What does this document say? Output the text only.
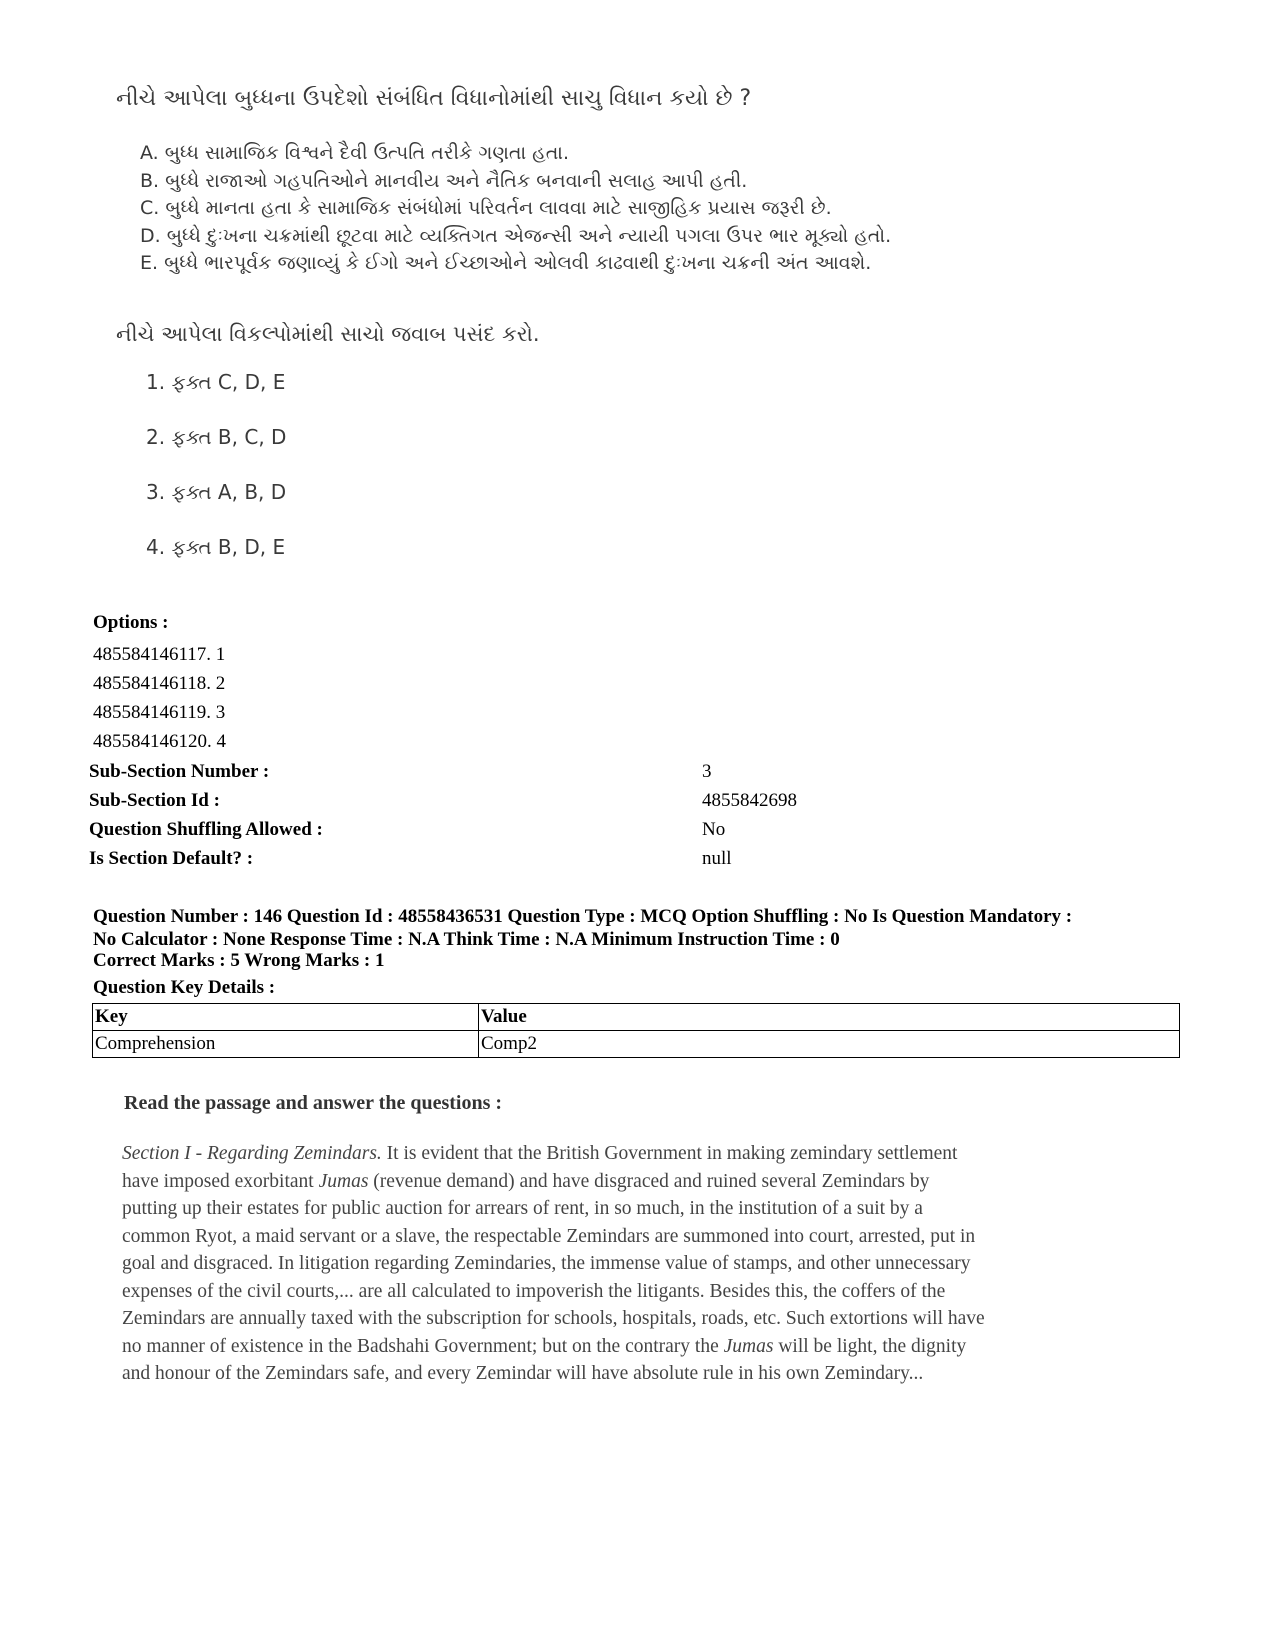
નીચે આપેલા બુધ્ધના ઉપદેશો સંબંધિત વિધાનોમાંથી સાચુ વિધાન કયો છે ?
A. બુધ્ધ સામાજિક વિશ્વને દૈવી ઉત્પતિ તરીકે ગણતા હતા.
B. બુધ્ધે રાજાઓ ગહપતિઓને માનવીય અને નૈતિક બનવાની સલાહ આપી હતી.
C. બુધ્ધે માનતા હતા કે સામાજિક સંબંધોમાં પરિવર્તન લાવવા માટે સાજીહિક પ્રયાસ જરૂરી છે.
D. બુધ્ધે દુઃખના ચક્રમાંથી છૂટવા માટે વ્યક્તિગત એજન્સી અને ન્યાયી પગલા ઉપર ભાર મૂક્યો હતો.
E. બુધ્ધે ભારપૂર્વક જણાવ્યું કે ઈગો અને ઈચ્છાઓને ઓલવી કાઢવાથી દુઃખના ચક્રની અંત આવશે.
નીચે આપેલા વિકલ્પોમાંથી સાચો જવાબ પસંદ કરો.
1. ફક્ત C, D, E
2. ફક્ત B, C, D
3. ફક્ત A, B, D
4. ફક્ત B, D, E
Options :
485584146117. 1
485584146118. 2
485584146119. 3
485584146120. 4
Sub-Section Number :	3
Sub-Section Id :	4855842698
Question Shuffling Allowed :	No
Is Section Default? :	null
Question Number : 146 Question Id : 48558436531 Question Type : MCQ Option Shuffling : No Is Question Mandatory :
No Calculator : None Response Time : N.A Think Time : N.A Minimum Instruction Time : 0
Correct Marks : 5 Wrong Marks : 1
Question Key Details :
Key	Value
Comprehension	Comp2
Read the passage and answer the questions :
Section I - Regarding Zemindars. It is evident that the British Government in making zemindary settlement
have imposed exorbitant Jumas (revenue demand) and have disgraced and ruined several Zemindars by
putting up their estates for public auction for arrears of rent, in so much, in the institution of a suit by a
common Ryot, a maid servant or a slave, the respectable Zemindars are summoned into court, arrested, put in
goal and disgraced. In litigation regarding Zemindaries, the immense value of stamps, and other unnecessary
expenses of the civil courts,... are all calculated to impoverish the litigants. Besides this, the coffers of the
Zemindars are annually taxed with the subscription for schools, hospitals, roads, etc. Such extortions will have
no manner of existence in the Badshahi Government; but on the contrary the Jumas will be light, the dignity
and honour of the Zemindars safe, and every Zemindar will have absolute rule in his own Zemindary...
